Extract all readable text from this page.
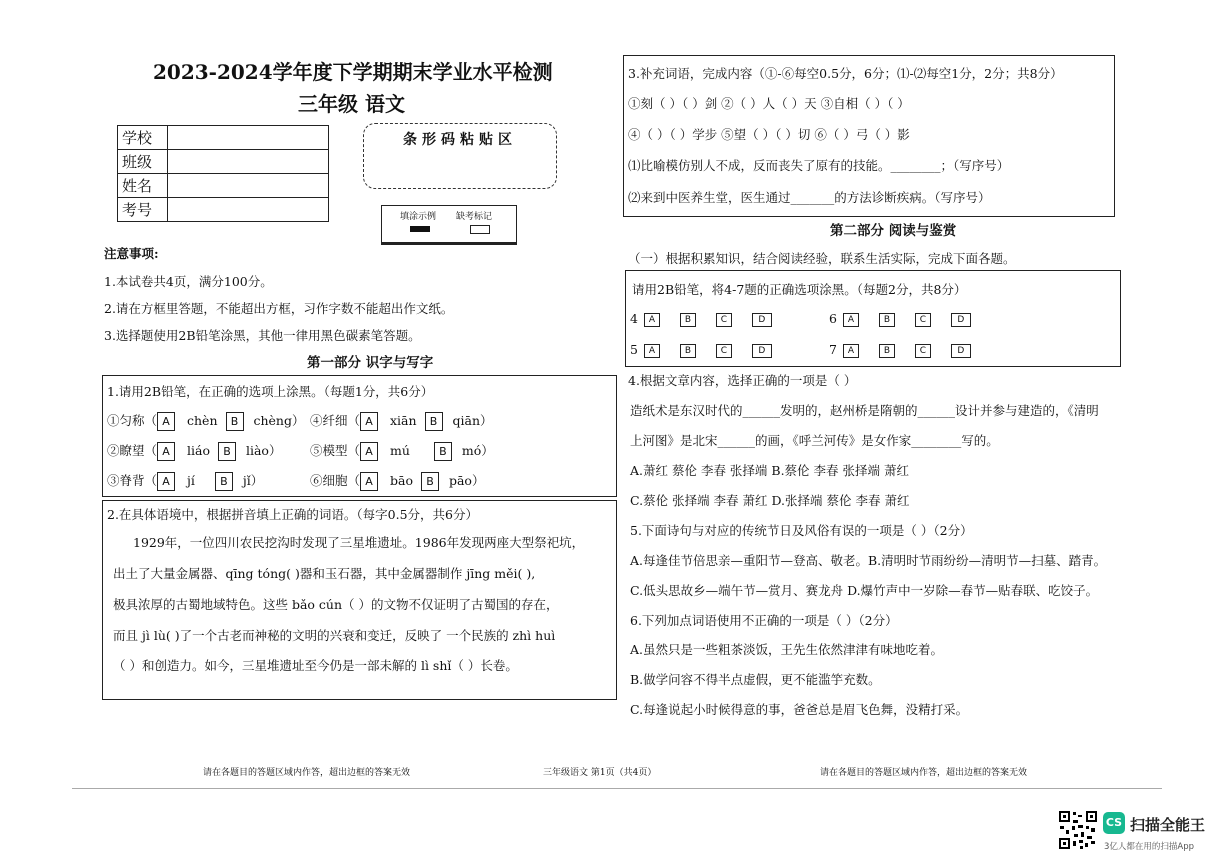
2023-2024学年度下学期期末学业水平检测
三年级 语文
学校	
班级	
姓名	
考号	
条形码粘贴区
填涂示例 缺考标记
注意事项:
1.本试卷共4页，满分100分。
2.请在方框里答题，不能超出方框，习作字数不能超出作文纸。
3.选择题使用2B铅笔涂黑，其他一律用黑色碳素笔答题。
第一部分 识字与写字
1.请用2B铅笔，在正确的选项上涂黑。（每题1分，共6分）
①匀称（ A chèn B chèng）
②瞭望（ A liáo B liào）
③脊背（ A jí B jǐ）
④纤细（ A xiān B qiān）
⑤模型（ A mú	B mó）
⑥细胞（ A bāo B pāo）
2.在具体语境中，根据拼音填上正确的词语。（每字0.5分，共6分）
1929年，一位四川农民挖沟时发现了三星堆遗址。1986年发现两座大型祭祀坑，
出土了大量金属器、qīng tóng( )器和玉石器，其中金属器制作 jīng měi( ),
极具浓厚的古蜀地域特色。这些 bǎo cún（ ）的文物不仅证明了古蜀国的存在，
而且 jì lù( )了一个古老而神秘的文明的兴衰和变迁，反映了 一个民族的 zhì huì
（ ）和创造力。如今，三星堆遗址至今仍是一部未解的 lì shǐ（ ）长卷。
3.补充词语，完成内容（①-⑥每空0.5分，6分；⑴-⑵每空1分，2分；共8分）
①刻（ ）（ ）剑 ②（ ）人（ ）天 ③自相（ ）（ ）
④（ ）（ ）学步 ⑤望（ ）（ ）切 ⑥（ ）弓（ ）影
⑴比喻模仿别人不成，反而丧失了原有的技能。________；（写序号）
⑵来到中医养生堂，医生通过_______的方法诊断疾病。（写序号）
第二部分 阅读与鉴赏
（一）根据积累知识，结合阅读经验，联系生活实际，完成下面各题。
请用2B铅笔，将4-7题的正确选项涂黑。（每题2分，共8分）
4 A	B	C	D	6 A	B	C	D
5 A	B	C	D	7 A	B	C	D
4.根据文章内容，选择正确的一项是（ ）
造纸术是东汉时代的______发明的，赵州桥是隋朝的______设计并参与建造的，《清明
上河图》是北宋______的画，《呼兰河传》是女作家________写的。
A.萧红 蔡伦 李春 张择端 B.蔡伦 李春 张择端 萧红
C.蔡伦 张择端 李春 萧红 D.张择端 蔡伦 李春 萧红
5.下面诗句与对应的传统节日及风俗有误的一项是（ ）（2分）
A.每逢佳节倍思亲—重阳节—登高、敬老。B.清明时节雨纷纷—清明节—扫墓、踏青。
C.低头思故乡—端午节—赏月、赛龙舟 D.爆竹声中一岁除—春节—贴春联、吃饺子。
6.下列加点词语使用不正确的一项是（ ）（2分）
A.虽然只是一些粗茶淡饭，王先生依然津津有味地吃着。
B.做学问容不得半点虚假，更不能滥竽充数。
C.每逢说起小时候得意的事，爸爸总是眉飞色舞，没精打采。
请在各题目的答题区域内作答，超出边框的答案无效	三年级语文 第1页（共4页）	请在各题目的答题区域内作答，超出边框的答案无效
CS 扫描全能王
3亿人都在用的扫描App
